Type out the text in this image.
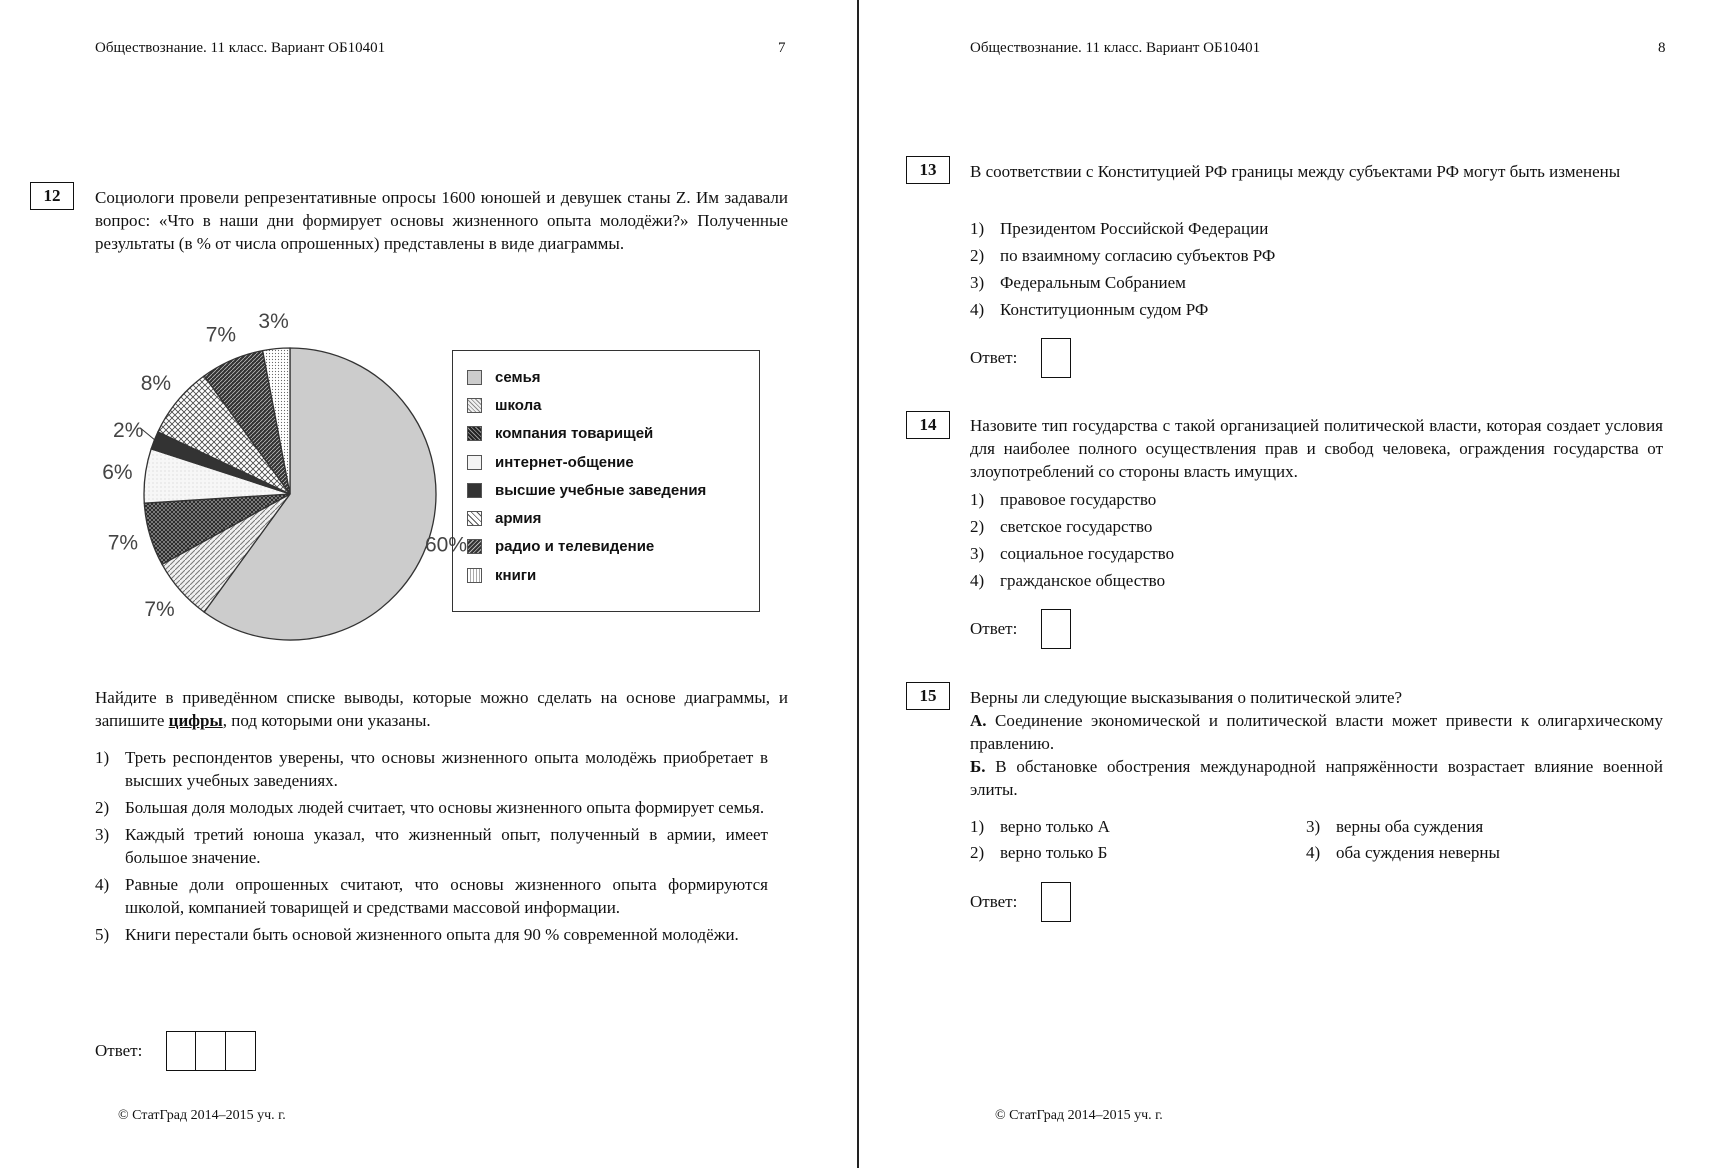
Обществознание. 11 класс. Вариант ОБ10401	7
12	Социологи провели репрезентативные опросы 1600 юношей и девушек станы Z. Им задавали вопрос: «Что в наши дни формирует основы жизненного опыта молодёжи?» Полученные результаты (в % от числа опрошенных) представлены в виде диаграммы.
60%
7%
7%
6%
2%
8%
7%
3%
семья
школа
компания товарищей
интернет-общение
высшие учебные заведения
армия
радио и телевидение
книги
Найдите в приведённом списке выводы, которые можно сделать на основе диаграммы, и запишите цифры, под которыми они указаны.
1) Треть респондентов уверены, что основы жизненного опыта молодёжь приобретает в высших учебных заведениях.
2) Большая доля молодых людей считает, что основы жизненного опыта формирует семья.
3) Каждый третий юноша указал, что жизненный опыт, полученный в армии, имеет большое значение.
4) Равные доли опрошенных считают, что основы жизненного опыта формируются школой, компанией товарищей и средствами массовой информации.
5) Книги перестали быть основой жизненного опыта для 90 % современной молодёжи.
Ответ:
© СтатГрад 2014–2015 уч. г.
Обществознание. 11 класс. Вариант ОБ10401	8
13	В соответствии с Конституцией РФ границы между субъектами РФ могут быть изменены
1) Президентом Российской Федерации
2) по взаимному согласию субъектов РФ
3) Федеральным Собранием
4) Конституционным судом РФ
Ответ:
14	Назовите тип государства с такой организацией политической власти, которая создает условия для наиболее полного осуществления прав и свобод человека, ограждения государства от злоупотреблений со стороны власть имущих.
1) правовое государство
2) светское государство
3) социальное государство
4) гражданское общество
Ответ:
15	Верны ли следующие высказывания о политической элите?
А. Соединение экономической и политической власти может привести к олигархическому правлению.
Б. В обстановке обострения международной напряжённости возрастает влияние военной элиты.
1) верно только А
2) верно только Б
3) верны оба суждения
4) оба суждения неверны
Ответ:
© СтатГрад 2014–2015 уч. г.
